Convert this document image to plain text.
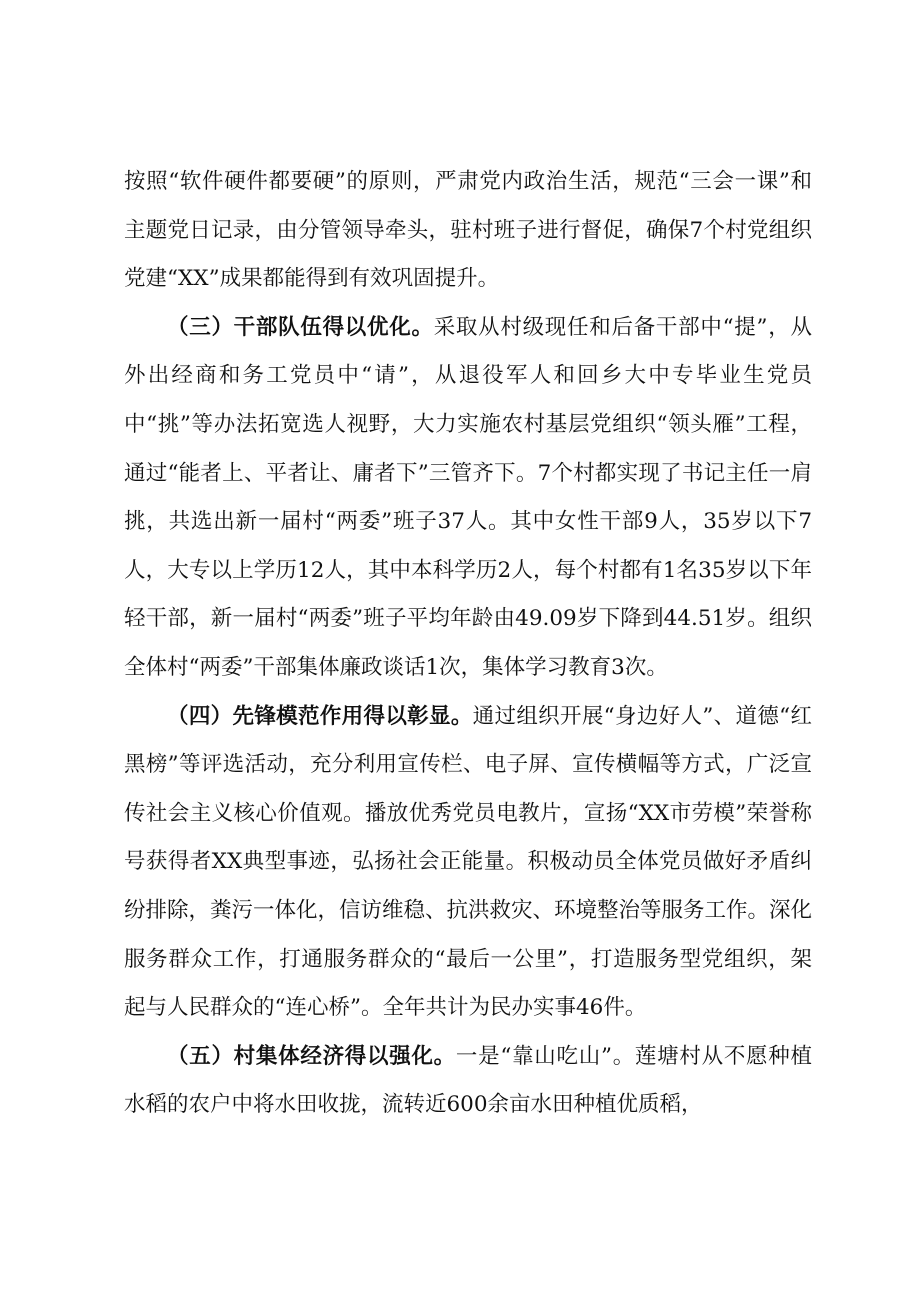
按照“软件硬件都要硬”的原则，严肃党内政治生活，规范“三会一课”和主题党日记录，由分管领导牵头，驻村班子进行督促，确保7个村党组织党建“XX”成果都能得到有效巩固提升。

（三）干部队伍得以优化。采取从村级现任和后备干部中“提”，从外出经商和务工党员中“请”，从退役军人和回乡大中专毕业生党员中“挑”等办法拓宽选人视野，大力实施农村基层党组织“领头雁”工程，通过“能者上、平者让、庸者下”三管齐下。7个村都实现了书记主任一肩挑，共选出新一届村“两委”班子37人。其中女性干部9人，35岁以下7人，大专以上学历12人，其中本科学历2人，每个村都有1名35岁以下年轻干部，新一届村“两委”班子平均年龄由49.09岁下降到44.51岁。组织全体村“两委”干部集体廉政谈话1次，集体学习教育3次。

（四）先锋模范作用得以彰显。通过组织开展“身边好人”、道德“红黑榜”等评选活动，充分利用宣传栏、电子屏、宣传横幅等方式，广泛宣传社会主义核心价值观。播放优秀党员电教片，宣扬“XX市劳模”荣誉称号获得者XX典型事迹，弘扬社会正能量。积极动员全体党员做好矛盾纠纷排除，粪污一体化，信访维稳、抗洪救灾、环境整治等服务工作。深化服务群众工作，打通服务群众的“最后一公里”，打造服务型党组织，架起与人民群众的“连心桥”。全年共计为民办实事46件。

（五）村集体经济得以强化。一是“靠山吃山”。莲塘村从不愿种植水稻的农户中将水田收拢，流转近600余亩水田种植优质稻，
